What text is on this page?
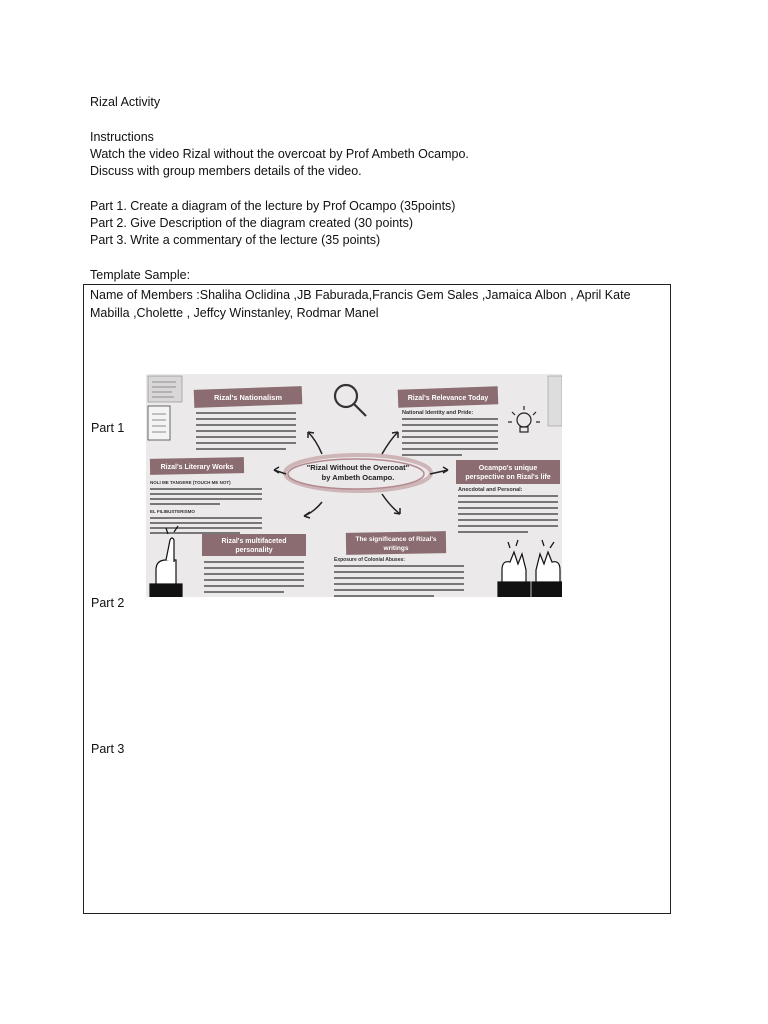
Rizal Activity
Instructions
Watch the video Rizal without the overcoat by Prof Ambeth Ocampo.
Discuss with group members details of the video.
Part 1. Create a diagram of the lecture by Prof Ocampo (35points)
Part 2. Give Description of the diagram created (30 points)
Part 3. Write a commentary of the lecture (35 points)
Template Sample:
Name of Members :Shaliha Oclidina ,JB Faburada,Francis Gem Sales ,Jamaica Albon , April Kate
Mabilla ,Cholette , Jeffcy Winstanley, Rodmar Manel
Part 1
Part 2
Part 3
Rizal's Nationalism	Rizal's Relevance Today
National Identity and Pride:
"Rizal Without the Overcoat"
by Ambeth Ocampo.
Rizal's Literary Works
NOLI ME TANGERE (TOUCH ME NOT)
EL FILIBUSTERISMO
Ocampo's unique
perspective on Rizal's life
Anecdotal and Personal:
Rizal's multifaceted
personality
The significance of Rizal's
writings
Exposure of Colonial Abuses:
